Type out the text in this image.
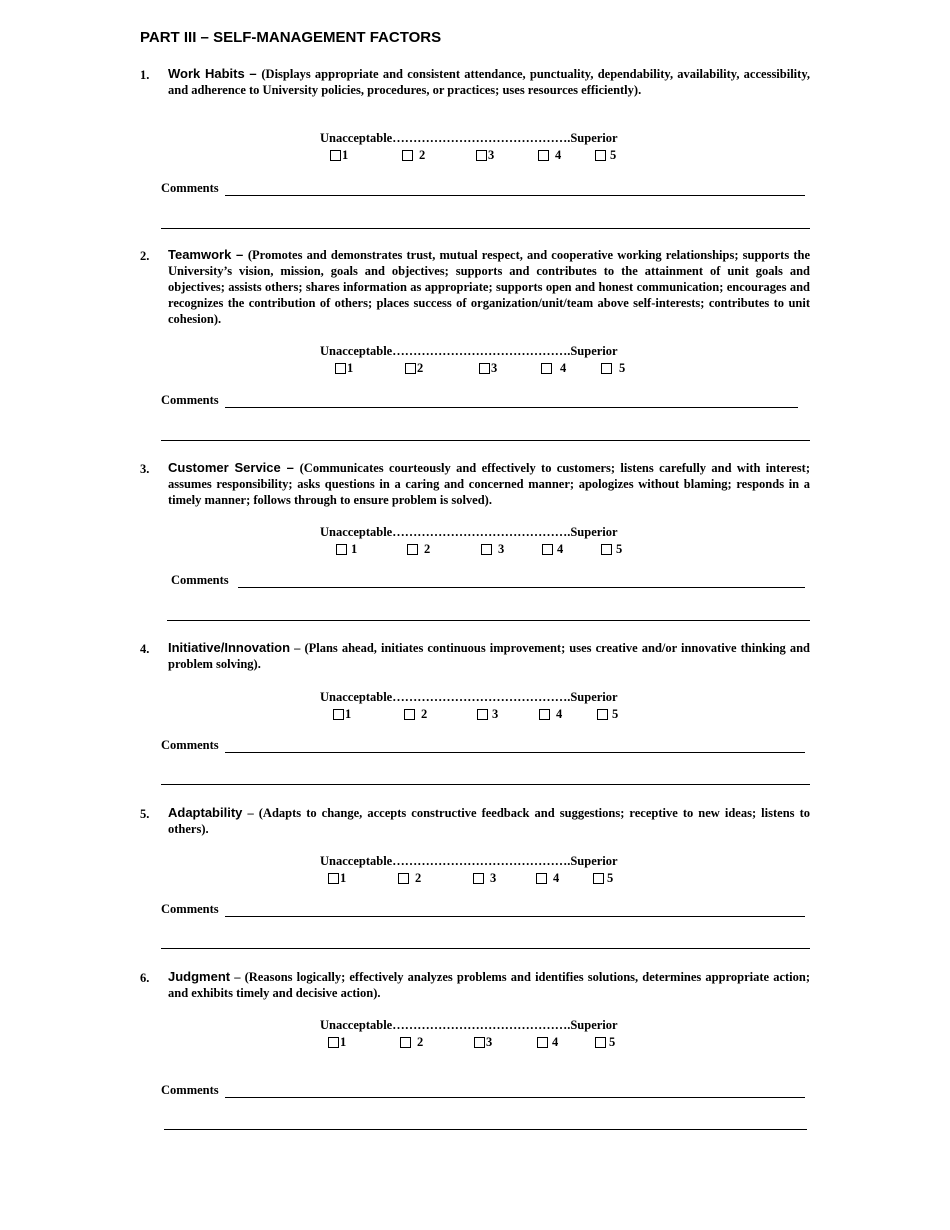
PART III – SELF-MANAGEMENT FACTORS
1. Work Habits – (Displays appropriate and consistent attendance, punctuality, dependability, availability, accessibility, and adherence to University policies, procedures, or practices; uses resources efficiently).
Unacceptable…………………………………….Superior
1	2	3	4	5
Comments
2. Teamwork – (Promotes and demonstrates trust, mutual respect, and cooperative working relationships; supports the University’s vision, mission, goals and objectives; supports and contributes to the attainment of unit goals and objectives; assists others; shares information as appropriate; supports open and honest communication; encourages and recognizes the contribution of others; places success of organization/unit/team above self-interests; contributes to unit cohesion).
Unacceptable…………………………………….Superior
1	2	3	4	5
Comments
3. Customer Service – (Communicates courteously and effectively to customers; listens carefully and with interest; assumes responsibility; asks questions in a caring and concerned manner; apologizes without blaming; responds in a timely manner; follows through to ensure problem is solved).
Unacceptable…………………………………….Superior
1	2	3	4	5
Comments
4. Initiative/Innovation – (Plans ahead, initiates continuous improvement; uses creative and/or innovative thinking and problem solving).
Unacceptable…………………………………….Superior
1	2	3	4	5
Comments
5. Adaptability – (Adapts to change, accepts constructive feedback and suggestions; receptive to new ideas; listens to others).
Unacceptable…………………………………….Superior
1	2	3	4	5
Comments
6. Judgment – (Reasons logically; effectively analyzes problems and identifies solutions, determines appropriate action; and exhibits timely and decisive action).
Unacceptable…………………………………….Superior
1	2	3	4	5
Comments
